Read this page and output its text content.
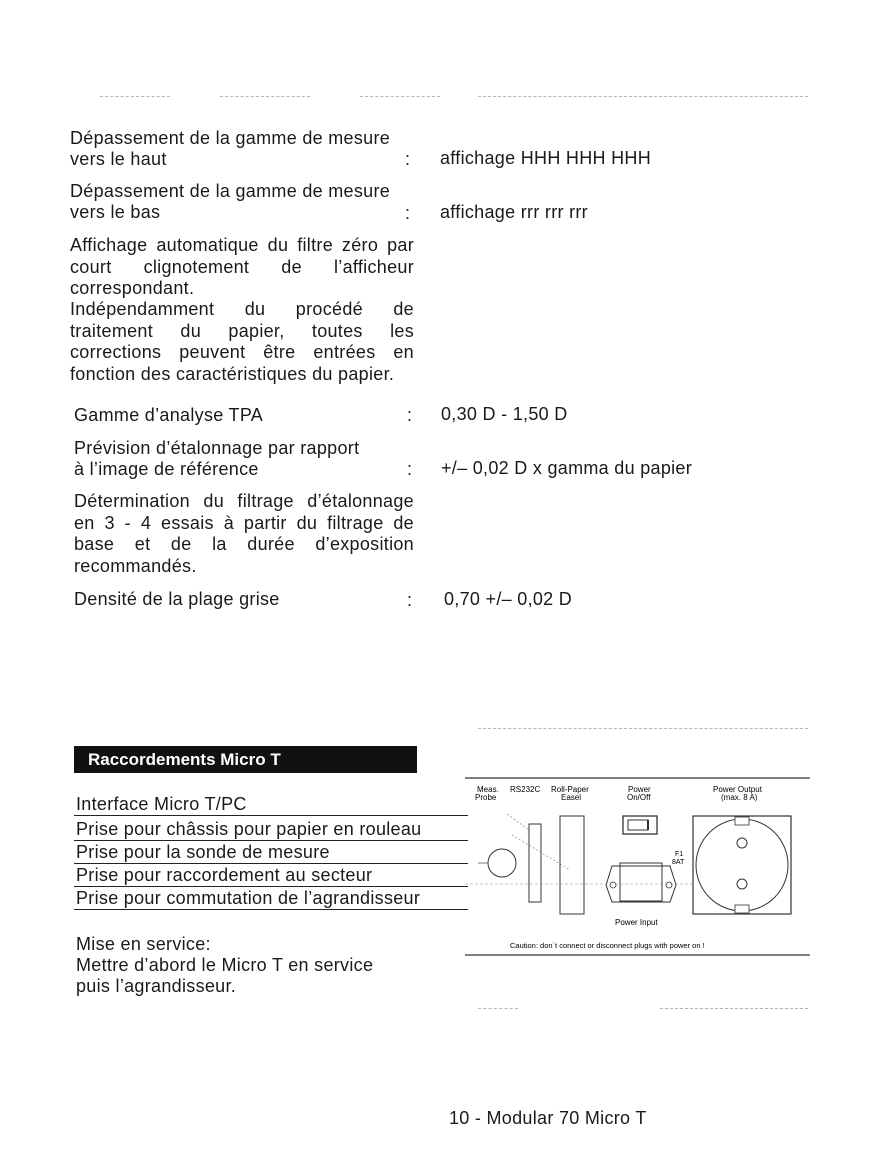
Dépassement de la gamme de mesure
vers le haut	: affichage HHH HHH HHH
Dépassement de la gamme de mesure
vers le bas	: affichage rrr rrr rrr
Affichage automatique du filtre zéro par court clignotement de l’afficheur correspondant.
Indépendamment du procédé de traitement du papier, toutes les corrections peuvent être entrées en fonction des caractéristiques du papier.
Gamme d’analyse TPA	: 0,30 D - 1,50 D
Prévision d’étalonnage par rapport
à l’image de référence	: +/– 0,02 D x gamma du papier
Détermination du filtrage d’étalonnage en 3 - 4 essais à partir du filtrage de base et de la durée d’exposition recommandés.
Densité de la plage grise	: 0,70 +/– 0,02 D
Raccordements Micro T
Interface Micro T/PC
Prise pour châssis pour papier en rouleau
Prise pour la sonde de mesure
Prise pour raccordement au secteur
Prise pour commutation de l’agrandisseur
Mise en service:
Mettre d’abord le Micro T en service
puis l’agrandisseur.
Meas.
Probe
RS232C Roll-Paper
Easel
Power
On/Off
Power Output
(max. 8 A)
F1
8AT
Power Input
Caution: don´t connect or disconnect plugs with power on !
10 - Modular 70 Micro T
